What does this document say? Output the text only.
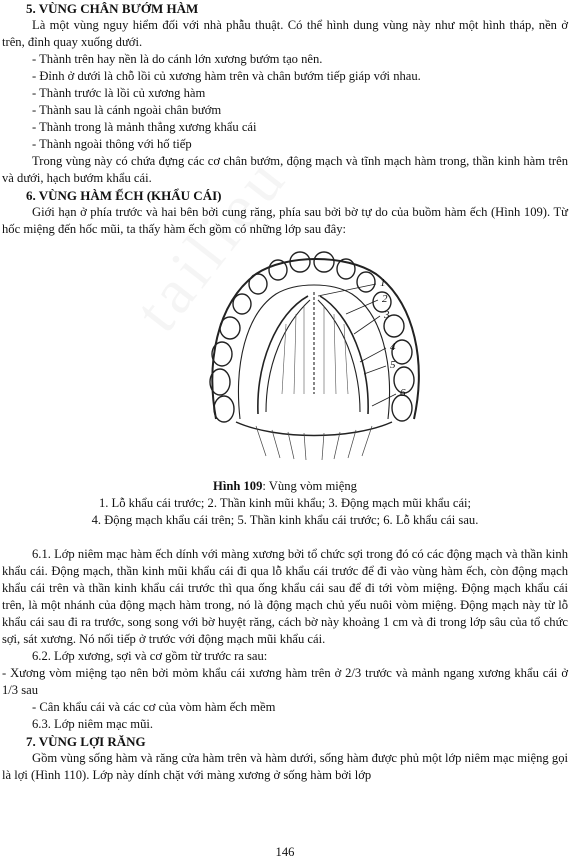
5. VÙNG CHÂN BƯỚM HÀM

Là một vùng nguy hiểm đối với nhà phẫu thuật. Có thể hình dung vùng này như một hình tháp, nền ở trên, đỉnh quay xuống dưới.

- Thành trên hay nền là do cánh lớn xương bướm tạo nên.

- Đỉnh ở dưới là chỗ lồi củ xương hàm trên và chân bướm tiếp giáp với nhau.

- Thành trước là lồi củ xương hàm

- Thành sau là cánh ngoài chân bướm

- Thành trong là mảnh thẳng xương khẩu cái

- Thành ngoài thông với hố tiếp

Trong vùng này có chứa đựng các cơ chân bướm, động mạch và tĩnh mạch hàm trong, thần kinh hàm trên và dưới, hạch bướm khẩu cái.

6. VÙNG HÀM ẾCH (KHẨU CÁI)

Giới hạn ở phía trước và hai bên bởi cung răng, phía sau bởi bờ tự do của buồm hàm ếch (Hình 109). Từ hốc miệng đến hốc mũi, ta thấy hàm ếch gồm có những lớp sau đây:

1
2
3
4
5
6

Hình 109: Vùng vòm miệng

1. Lỗ khẩu cái trước; 2. Thần kinh mũi khẩu; 3. Động mạch mũi khẩu cái;

4. Động mạch khẩu cái trên; 5. Thần kinh khẩu cái trước; 6. Lỗ khẩu cái sau.

6.1. Lớp niêm mạc hàm ếch dính với màng xương bởi tổ chức sợi trong đó có các động mạch và thần kinh khẩu cái. Động mạch, thần kinh mũi khẩu cái đi qua lỗ khẩu cái trước để đi vào vùng hàm ếch, còn động mạch khẩu cái trên và thần kinh khẩu cái trước thì qua ống khẩu cái sau để đi tới vòm miệng. Động mạch khẩu cái trên, là một nhánh của động mạch hàm trong, nó là động mạch chủ yếu nuôi vòm miệng. Động mạch này từ lỗ khẩu cái sau đi ra trước, song song với bờ huyệt răng, cách bờ này khoảng 1 cm và đi trong lớp sâu của tổ chức sợi, sát xương. Nó nối tiếp ở trước với động mạch mũi khẩu cái.

6.2. Lớp xương, sợi và cơ gồm từ trước ra sau:

- Xương vòm miệng tạo nên bởi mỏm khẩu cái xương hàm trên ở 2/3 trước và mảnh ngang xương khẩu cái ở 1/3 sau

- Cân khẩu cái và các cơ của vòm hàm ếch mềm

6.3. Lớp niêm mạc mũi.

7. VÙNG LỢI RĂNG

Gồm vùng sống hàm và răng cửa hàm trên và hàm dưới, sống hàm được phủ một lớp niêm mạc miệng gọi là lợi (Hình 110). Lớp này dính chặt với màng xương ở sống hàm bởi lớp

146
